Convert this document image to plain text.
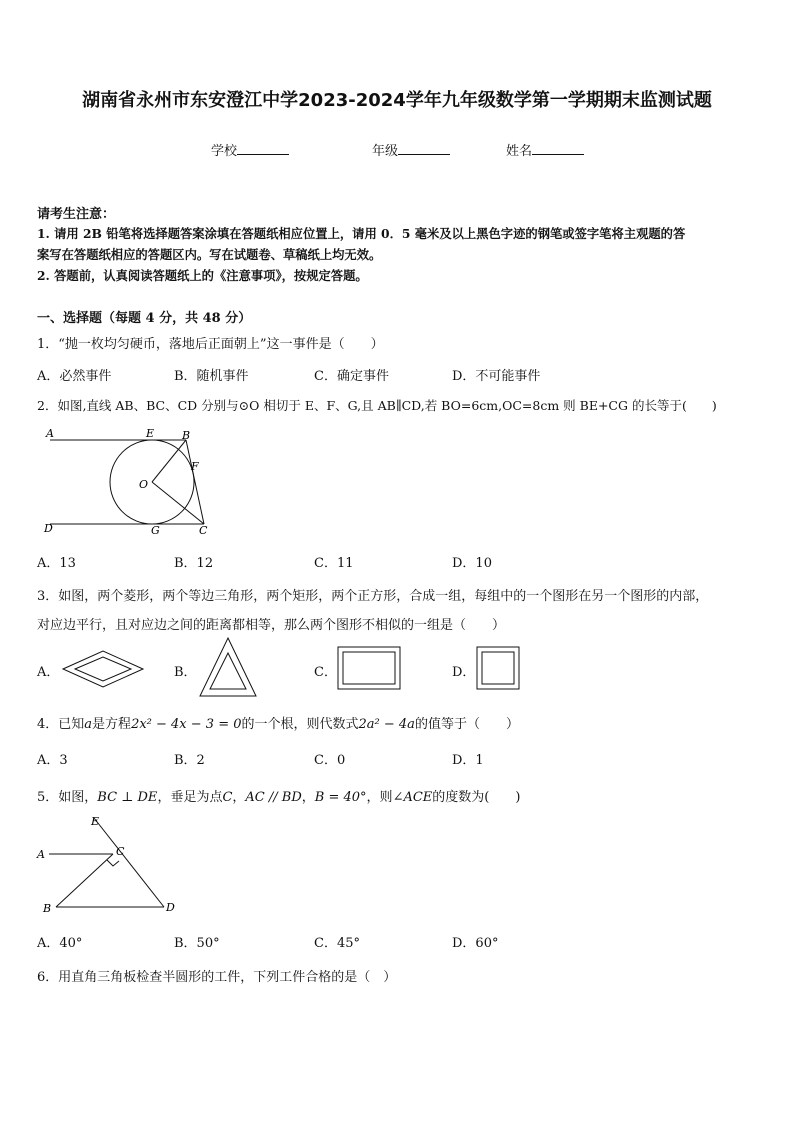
湖南省永州市东安澄江中学2023-2024学年九年级数学第一学期期末监测试题
学校	年级	姓名
请考生注意：
1. 请用 2B 铅笔将选择题答案涂填在答题纸相应位置上，请用 0．5 毫米及以上黑色字迹的钢笔或签字笔将主观题的答
案写在答题纸相应的答题区内。写在试题卷、草稿纸上均无效。
2. 答题前，认真阅读答题纸上的《注意事项》，按规定答题。
一、选择题（每题 4 分，共 48 分）
1．“抛一枚均匀硬币，落地后正面朝上”这一事件是（　　）
A．必然事件	B．随机事件	C．确定事件	D．不可能事件
2．如图,直线 AB、BC、CD 分别与⊙O 相切于 E、F、G,且 AB∥CD,若 BO=6cm,OC=8cm 则 BE+CG 的长等于(　　)
A	E	B
F
O
D	G	C
A．13	B．12	C．11	D．10
3．如图，两个菱形，两个等边三角形，两个矩形，两个正方形，合成一组，每组中的一个图形在另一个图形的内部，
对应边平行，且对应边之间的距离都相等，那么两个图形不相似的一组是（　　）
A．	B．	C．	D．
4．已知a是方程2x² − 4x − 3 = 0的一个根，则代数式2a² − 4a的值等于（　　）
A．3	B．2	C．0	D．1
5．如图，BC ⊥ DE，垂足为点C，AC // BD，B = 40°，则∠ACE的度数为(　　)
E
A	C
B	D
A．40°	B．50°	C．45°	D．60°
6．用直角三角板检查半圆形的工件，下列工件合格的是（　）
